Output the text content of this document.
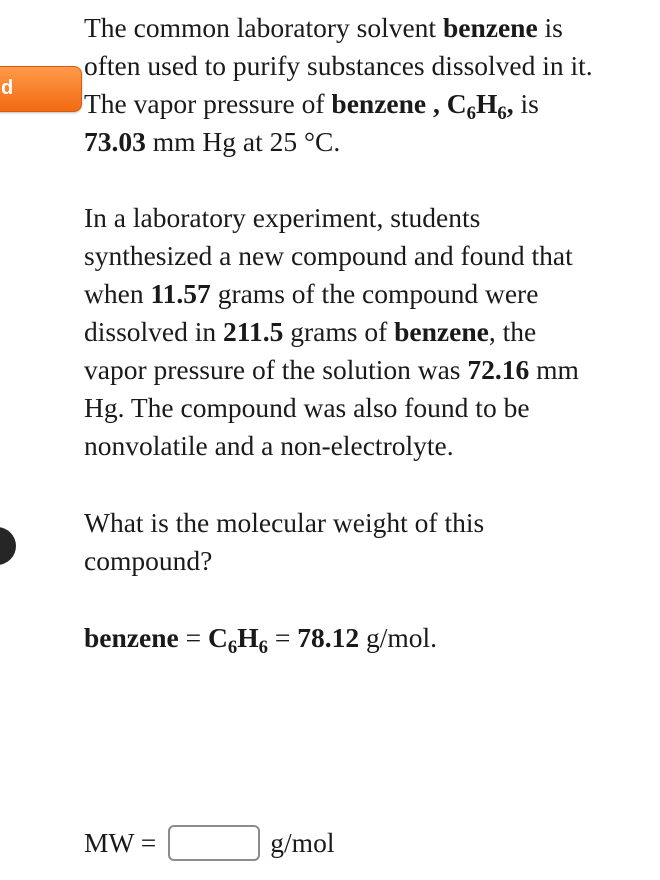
d

The common laboratory solvent benzene is often used to purify substances dissolved in it. The vapor pressure of benzene , $C_6H_6$, is 73.03 mm Hg at 25 °C.

In a laboratory experiment, students synthesized a new compound and found that when 11.57 grams of the compound were dissolved in 211.5 grams of benzene, the vapor pressure of the solution was 72.16 mm Hg. The compound was also found to be nonvolatile and a non-electrolyte.

What is the molecular weight of this compound?

benzene = $C_6H_6 = 78.12$ g/mol.

MW =	g/mol
